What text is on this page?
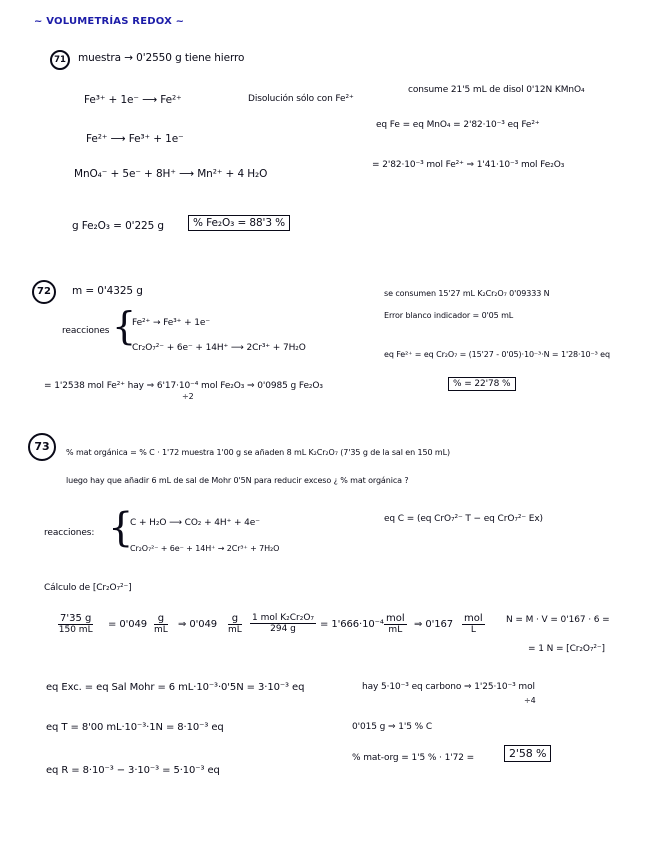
~ VOLUMETRÍAS REDOX ~
71	muestra → 0'2550 g tiene hierro
Fe³⁺ + 1e⁻ ⟶ Fe²⁺	Disolución sólo con Fe²⁺
consume 21'5 mL de disol 0'12N KMnO₄
Fe²⁺ ⟶ Fe³⁺ + 1e⁻
eq Fe = eq MnO₄ = 2'82·10⁻³ eq Fe²⁺
MnO₄⁻ + 5e⁻ + 8H⁺ ⟶ Mn²⁺ + 4 H₂O
= 2'82·10⁻³ mol Fe²⁺ ⇒ 1'41·10⁻³ mol Fe₂O₃
g Fe₂O₃ = 0'225 g	% Fe₂O₃ = 88'3 %
72	m = 0'4325 g	se consumen 15'27 mL K₂Cr₂O₇ 0'09333 N
Error blanco indicador = 0'05 mL
reacciones {
Fe²⁺ → Fe³⁺ + 1e⁻
Cr₂O₇²⁻ + 6e⁻ + 14H⁺ ⟶ 2Cr³⁺ + 7H₂O
eq Fe²⁺ = eq Cr₂O₇ = (15'27 - 0'05)·10⁻³·N = 1'28·10⁻³ eq
= 1'2538 mol Fe²⁺ hay ⇒ 6'17·10⁻⁴ mol Fe₂O₃ ⇒ 0'0985 g Fe₂O₃
÷2
% = 22'78 %
73	% mat orgánica = % C · 1'72 muestra 1'00 g se añaden 8 mL K₂Cr₂O₇ (7'35 g de la sal en 150 mL)
luego hay que añadir 6 mL de sal de Mohr 0'5N para reducir exceso ¿ % mat orgánica ?
reacciones: {
C + H₂O ⟶ CO₂ + 4H⁺ + 4e⁻
Cr₂O₇²⁻ + 6e⁻ + 14H⁺ → 2Cr³⁺ + 7H₂O
eq C = (eq CrO₇²⁻ T − eq CrO₇²⁻ Ex)
Cálculo de [Cr₂O₇²⁻]
$\frac{7'35 g}{150 mL} = 0'049 \frac{g}{mL}$ ⇒ $0'049 \frac{g}{mL} 1$ mol K₂Cr₂O₇
294 g	= 1'666·10⁻⁴
mol
mL	⇒ 0'167
mol
L
N = M · V = 0'167 · 6 =
= 1 N = [Cr₂O₇²⁻]
eq Exc. = eq Sal Mohr = 6 mL·10⁻³·0'5N = 3·10⁻³ eq	hay 5·10⁻³ eq carbono ⇒ 1'25·10⁻³ mol
÷4
eq T = 8'00 mL·10⁻³·1N = 8·10⁻³ eq	0'015 g ⇒ 1'5 % C
eq R = 8·10⁻³ − 3·10⁻³ = 5·10⁻³ eq
% mat-org = 1'5 % · 1'72 =	2'58 %
